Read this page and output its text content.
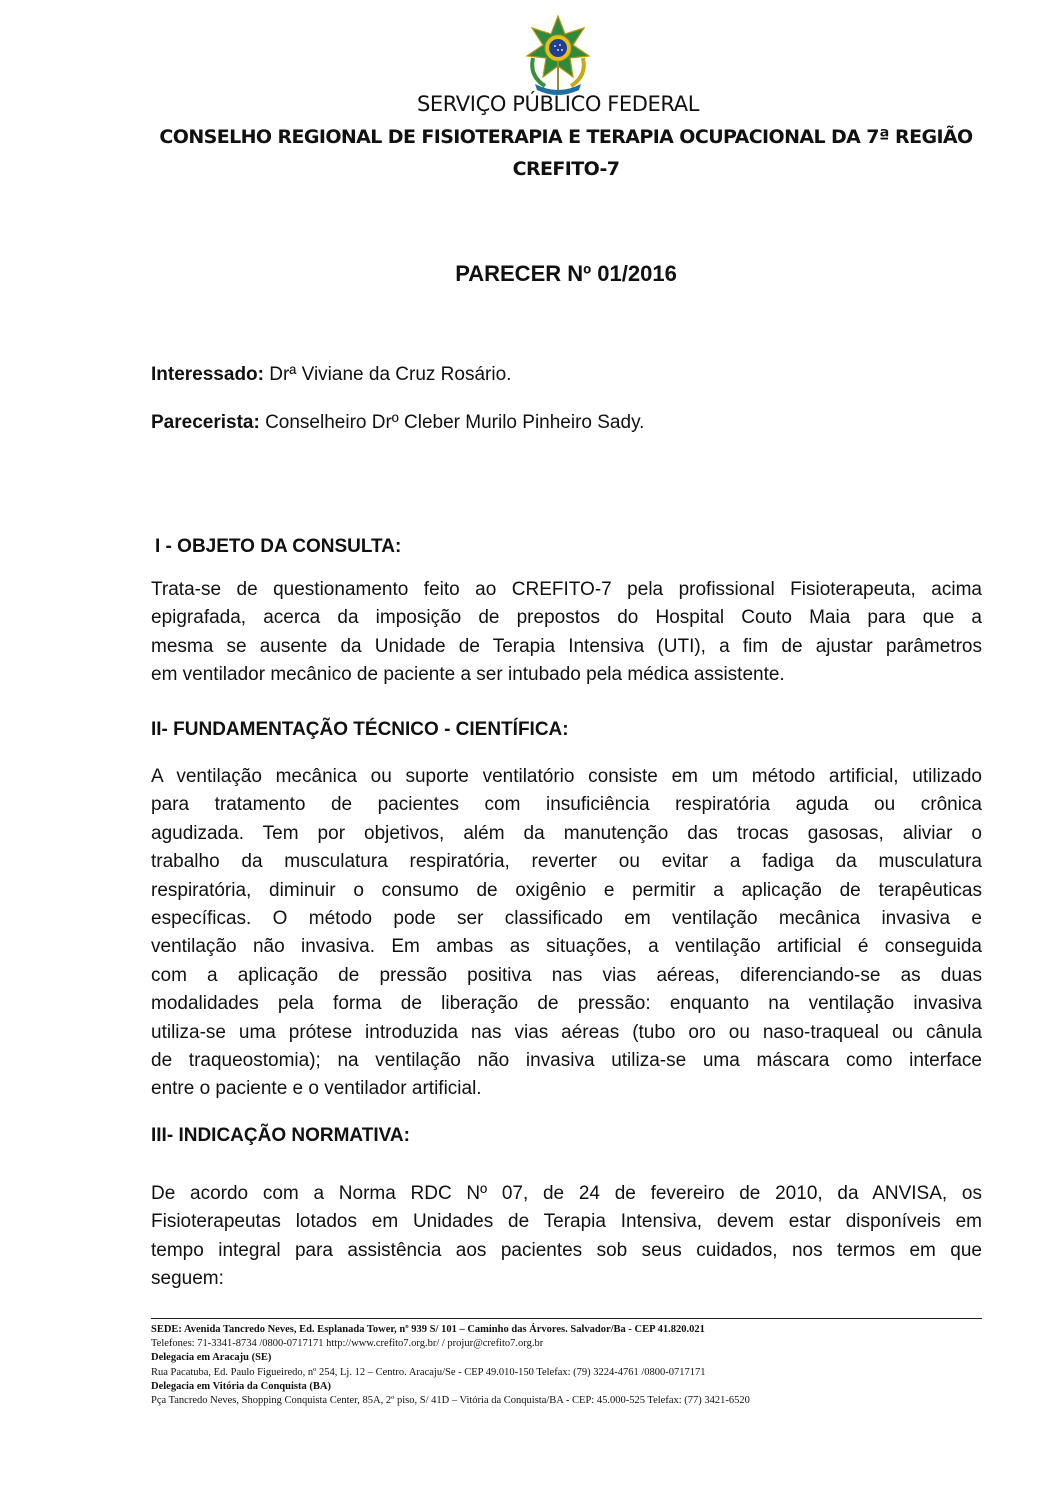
SERVIÇO PÚBLICO FEDERAL
CONSELHO REGIONAL DE FISIOTERAPIA E TERAPIA OCUPACIONAL DA 7ª REGIÃO
CREFITO-7
PARECER Nº 01/2016
Interessado: Drª Viviane da Cruz Rosário.
Parecerista: Conselheiro Drº Cleber Murilo Pinheiro Sady.
I - OBJETO DA CONSULTA:
Trata-se de questionamento feito ao CREFITO-7 pela profissional Fisioterapeuta, acima
epigrafada, acerca da imposição de prepostos do Hospital Couto Maia para que a
mesma se ausente da Unidade de Terapia Intensiva (UTI), a fim de ajustar parâmetros
em ventilador mecânico de paciente a ser intubado pela médica assistente.
II- FUNDAMENTAÇÃO TÉCNICO - CIENTÍFICA:
A ventilação mecânica ou suporte ventilatório consiste em um método artificial, utilizado
para tratamento de pacientes com insuficiência respiratória aguda ou crônica
agudizada. Tem por objetivos, além da manutenção das trocas gasosas, aliviar o
trabalho da musculatura respiratória, reverter ou evitar a fadiga da musculatura
respiratória, diminuir o consumo de oxigênio e permitir a aplicação de terapêuticas
específicas. O método pode ser classificado em ventilação mecânica invasiva e
ventilação não invasiva. Em ambas as situações, a ventilação artificial é conseguida
com a aplicação de pressão positiva nas vias aéreas, diferenciando-se as duas
modalidades pela forma de liberação de pressão: enquanto na ventilação invasiva
utiliza-se uma prótese introduzida nas vias aéreas (tubo oro ou naso-traqueal ou cânula
de traqueostomia); na ventilação não invasiva utiliza-se uma máscara como interface
entre o paciente e o ventilador artificial.
III- INDICAÇÃO NORMATIVA:
De acordo com a Norma RDC Nº 07, de 24 de fevereiro de 2010, da ANVISA, os
Fisioterapeutas lotados em Unidades de Terapia Intensiva, devem estar disponíveis em
tempo integral para assistência aos pacientes sob seus cuidados, nos termos em que
seguem:
SEDE: Avenida Tancredo Neves, Ed. Esplanada Tower, nº 939 S/ 101 – Caminho das Árvores. Salvador/Ba - CEP 41.820.021
Telefones: 71-3341-8734 /0800-0717171 http://www.crefito7.org.br/ / projur@crefito7.org.br
Delegacia em Aracaju (SE)
Rua Pacatuba, Ed. Paulo Figueiredo, nº 254, Lj. 12 – Centro. Aracaju/Se - CEP 49.010-150 Telefax: (79) 3224-4761 /0800-0717171
Delegacia em Vitória da Conquista (BA)
Pça Tancredo Neves, Shopping Conquista Center, 85A, 2º piso, S/ 41D – Vitória da Conquista/BA - CEP: 45.000-525 Telefax: (77) 3421-6520
